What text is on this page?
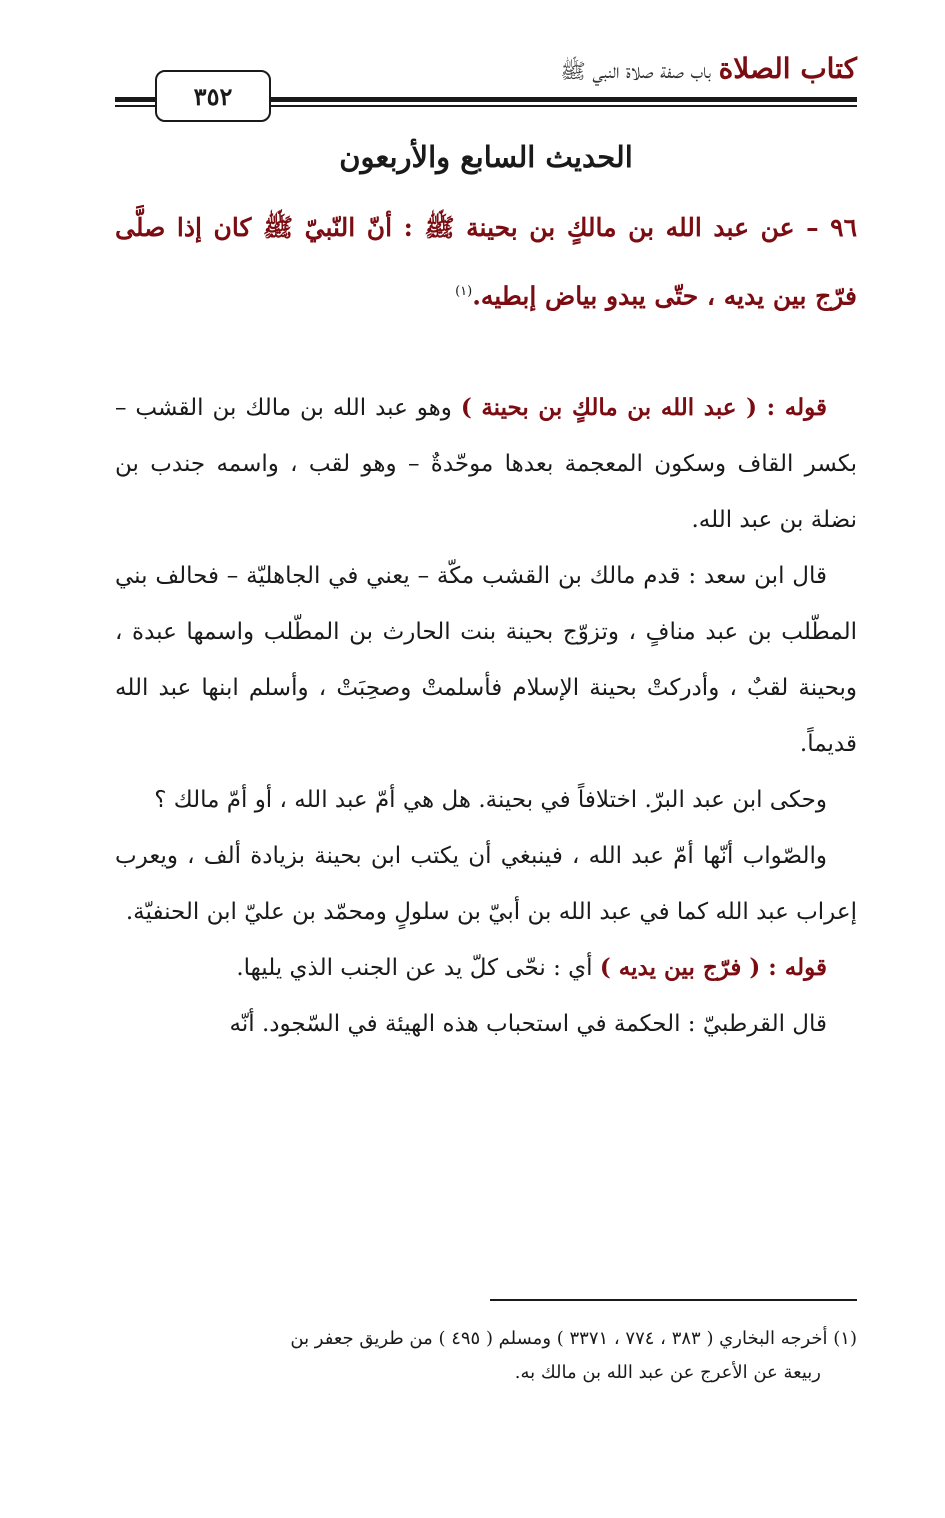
كتاب الصلاة باب صفة صلاة النبي ﷺ
٣٥٢
الحديث السابع والأربعون
٩٦ – عن عبد الله بن مالكٍ بن بحينة ﷺ : أنّ النّبيّ ﷺ كان إذا صلَّى فرّج بين يديه ، حتّى يبدو بياض إبطيه.$^{(١)}$

قوله : ( عبد الله بن مالكٍ بن بحينة ) وهو عبد الله بن مالك بن القشب – بكسر القاف وسكون المعجمة بعدها موحّدةٌ – وهو لقب ، واسمه جندب بن نضلة بن عبد الله.

قال ابن سعد : قدم مالك بن القشب مكّة – يعني في الجاهليّة – فحالف بني المطّلب بن عبد منافٍ ، وتزوّج بحينة بنت الحارث بن المطّلب واسمها عبدة ، وبحينة لقبٌ ، وأدركتْ بحينة الإسلام فأسلمتْ وصحِبَتْ ، وأسلم ابنها عبد الله قديماً.

وحكى ابن عبد البرّ. اختلافاً في بحينة. هل هي أمّ عبد الله ، أو أمّ مالك ؟

والصّواب أنّها أمّ عبد الله ، فينبغي أن يكتب ابن بحينة بزيادة ألف ، ويعرب إعراب عبد الله كما في عبد الله بن أبيّ بن سلولٍ ومحمّد بن عليّ ابن الحنفيّة.

قوله : ( فرّج بين يديه ) أي : نحّى كلّ يد عن الجنب الذي يليها.

قال القرطبيّ : الحكمة في استحباب هذه الهيئة في السّجود. أنّه

(١) أخرجه البخاري ( ٣٨٣ ، ٧٧٤ ، ٣٣٧١ ) ومسلم ( ٤٩٥ ) من طريق جعفر بن
ربيعة عن الأعرج عن عبد الله بن مالك به.
